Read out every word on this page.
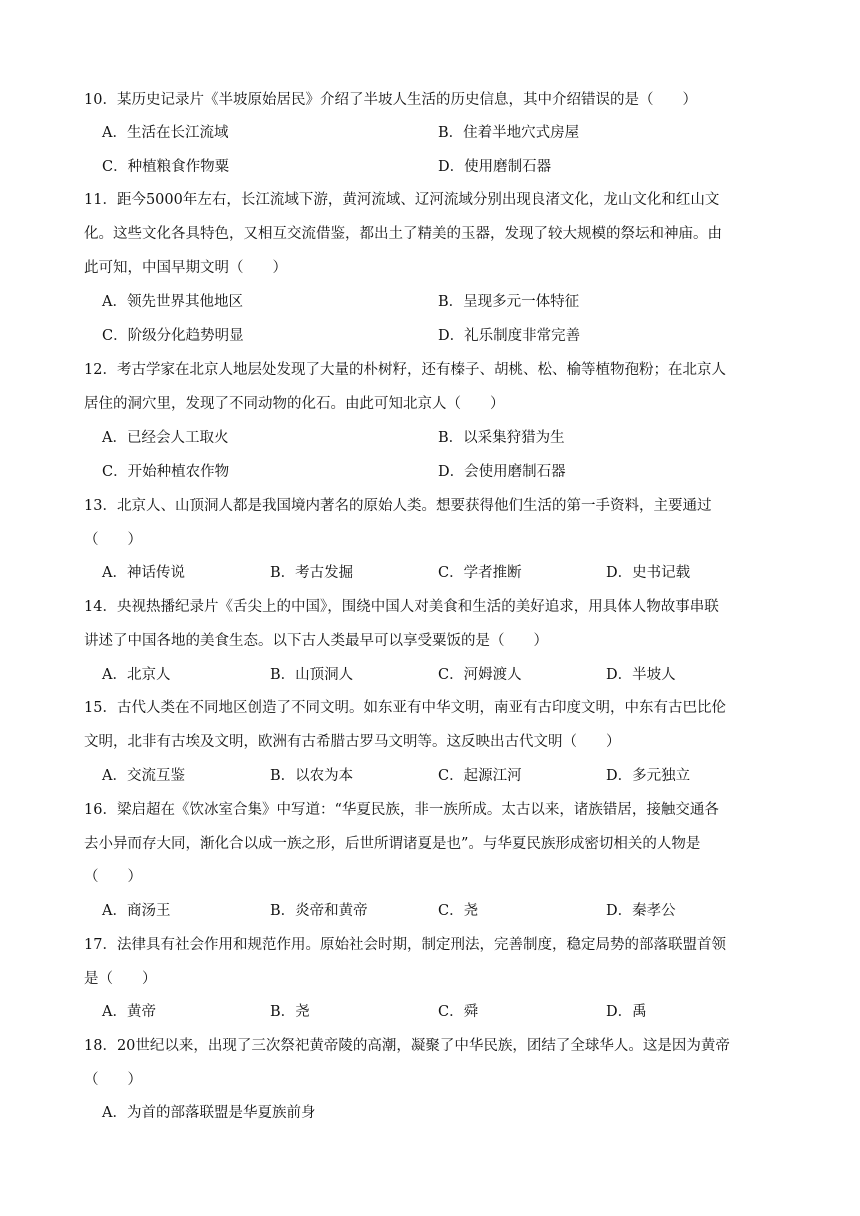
10．某历史记录片《半坡原始居民》介绍了半坡人生活的历史信息，其中介绍错误的是（　　）
A．生活在长江流域	B．住着半地穴式房屋
C．种植粮食作物粟	D．使用磨制石器
11．距今5000年左右，长江流域下游，黄河流域、辽河流域分别出现良渚文化，龙山文化和红山文
化。这些文化各具特色，又相互交流借鉴，都出土了精美的玉器，发现了较大规模的祭坛和神庙。由
此可知，中国早期文明（　　）
A．领先世界其他地区	B．呈现多元一体特征
C．阶级分化趋势明显	D．礼乐制度非常完善
12．考古学家在北京人地层处发现了大量的朴树籽，还有榛子、胡桃、松、榆等植物孢粉；在北京人
居住的洞穴里，发现了不同动物的化石。由此可知北京人（　　）
A．已经会人工取火	B．以采集狩猎为生
C．开始种植农作物	D．会使用磨制石器
13．北京人、山顶洞人都是我国境内著名的原始人类。想要获得他们生活的第一手资料，主要通过
（　　）
A．神话传说	B．考古发掘	C．学者推断	D．史书记载
14．央视热播纪录片《舌尖上的中国》，围绕中国人对美食和生活的美好追求，用具体人物故事串联
讲述了中国各地的美食生态。以下古人类最早可以享受粟饭的是（　　）
A．北京人	B．山顶洞人	C．河姆渡人	D．半坡人
15．古代人类在不同地区创造了不同文明。如东亚有中华文明，南亚有古印度文明，中东有古巴比伦
文明，北非有古埃及文明，欧洲有古希腊古罗马文明等。这反映出古代文明（　　）
A．交流互鉴	B．以农为本	C．起源江河	D．多元独立
16．梁启超在《饮冰室合集》中写道：“华夏民族，非一族所成。太古以来，诸族错居，接触交通各
去小异而存大同，渐化合以成一族之形，后世所谓诸夏是也”。与华夏民族形成密切相关的人物是
（　　）
A．商汤王	B．炎帝和黄帝	C．尧	D．秦孝公
17．法律具有社会作用和规范作用。原始社会时期，制定刑法，完善制度，稳定局势的部落联盟首领
是（　　）
A．黄帝	B．尧	C．舜	D．禹
18．20世纪以来，出现了三次祭祀黄帝陵的高潮，凝聚了中华民族，团结了全球华人。这是因为黄帝
（　　）
A．为首的部落联盟是华夏族前身
